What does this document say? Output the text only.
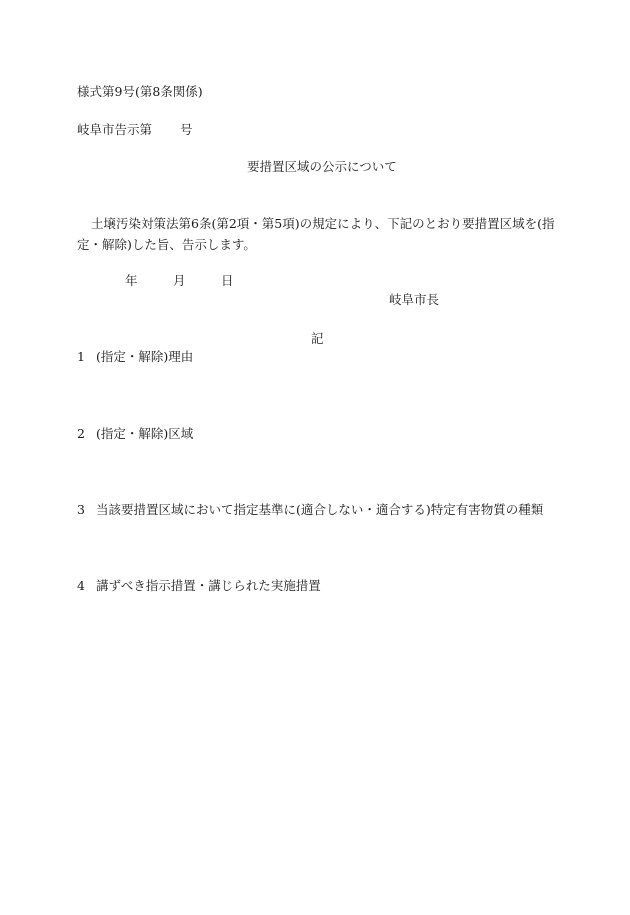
様式第9号(第8条関係)
岐阜市告示第 号
要措置区域の公示について
土壌汚染対策法第6条(第2項・第5項)の規定により、下記のとおり要措置区域を(指定・解除)した旨、告示します。
年	月	日
岐阜市長
記
1 (指定・解除)理由
2 (指定・解除)区域
3 当該要措置区域において指定基準に(適合しない・適合する)特定有害物質の種類
4 講ずべき指示措置・講じられた実施措置
